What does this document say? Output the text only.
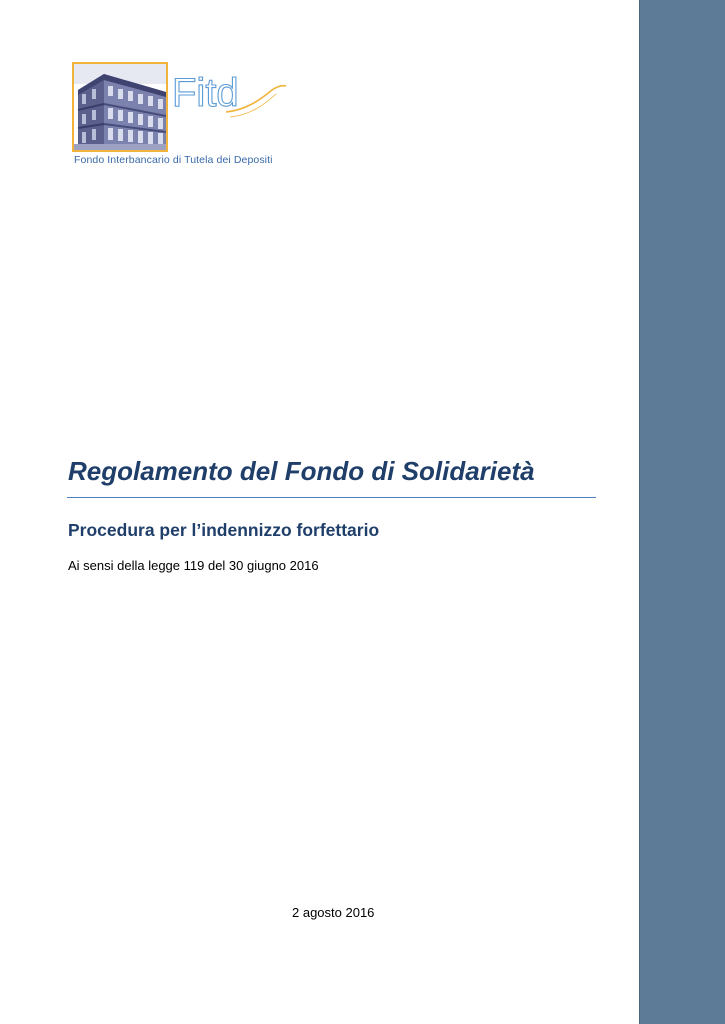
Fitd
Fondo Interbancario di Tutela dei Depositi
Regolamento del Fondo di Solidarietà
Procedura per l’indennizzo forfettario
Ai sensi della legge 119 del 30 giugno 2016
2 agosto 2016
